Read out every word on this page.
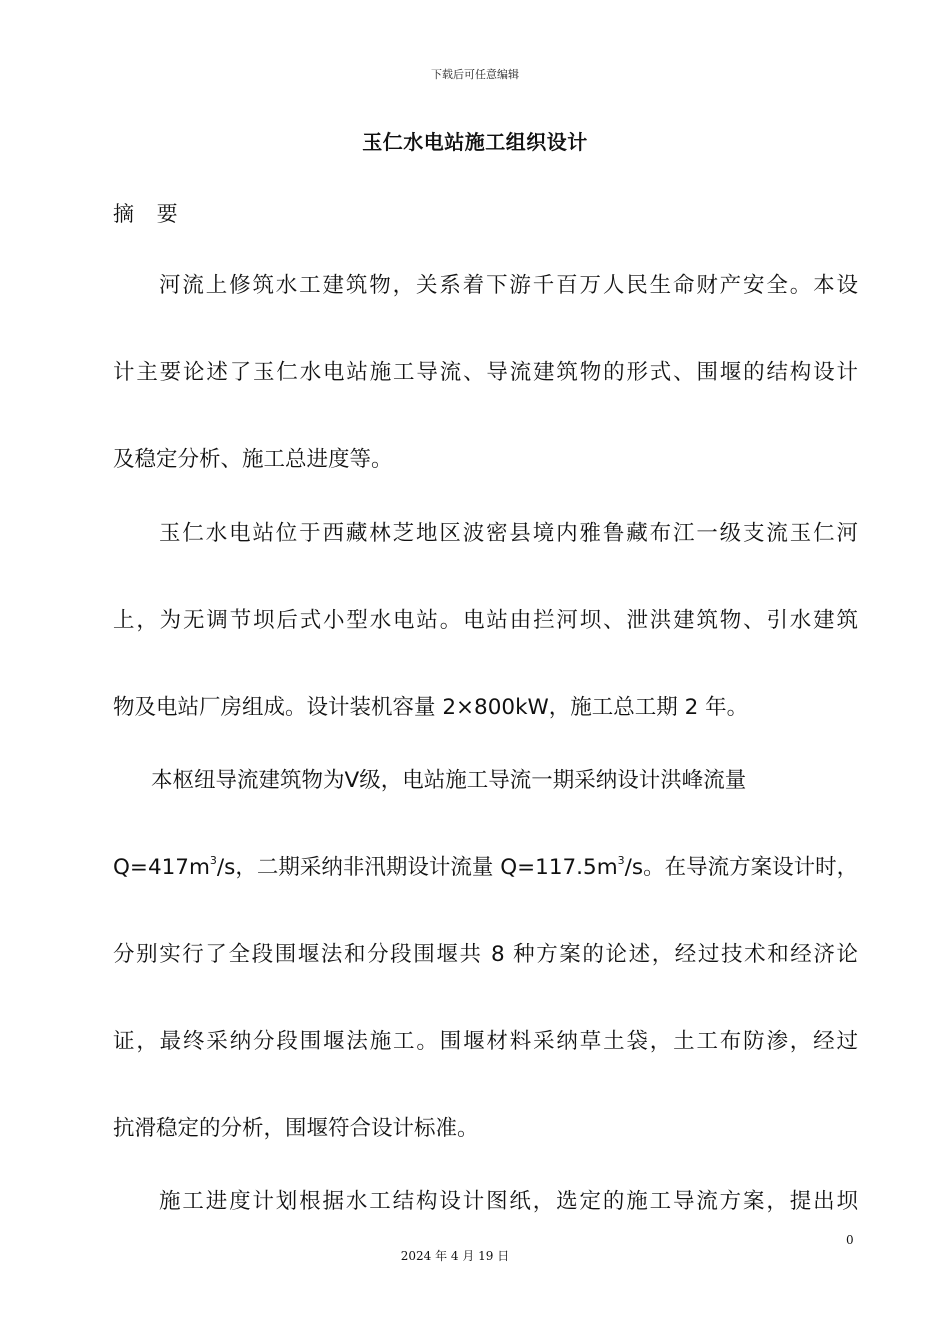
下载后可任意编辑
玉仁水电站施工组织设计
摘 要
河流上修筑水工建筑物，关系着下游千百万人民生命财产安全。本设
计主要论述了玉仁水电站施工导流、导流建筑物的形式、围堰的结构设计
及稳定分析、施工总进度等。
玉仁水电站位于西藏林芝地区波密县境内雅鲁藏布江一级支流玉仁河
上，为无调节坝后式小型水电站。电站由拦河坝、泄洪建筑物、引水建筑
物及电站厂房组成。设计装机容量 2×800kW，施工总工期 2 年。
本枢纽导流建筑物为Ⅴ级，电站施工导流一期采纳设计洪峰流量
$Q=417m^3/s$，二期采纳非汛期设计流量 $Q=117.5m^3/s$。在导流方案设计时，
分别实行了全段围堰法和分段围堰共 8 种方案的论述，经过技术和经济论
证，最终采纳分段围堰法施工。围堰材料采纳草土袋，土工布防渗，经过
抗滑稳定的分析，围堰符合设计标准。
施工进度计划根据水工结构设计图纸，选定的施工导流方案，提出坝
0
2024 年 4 月 19 日
